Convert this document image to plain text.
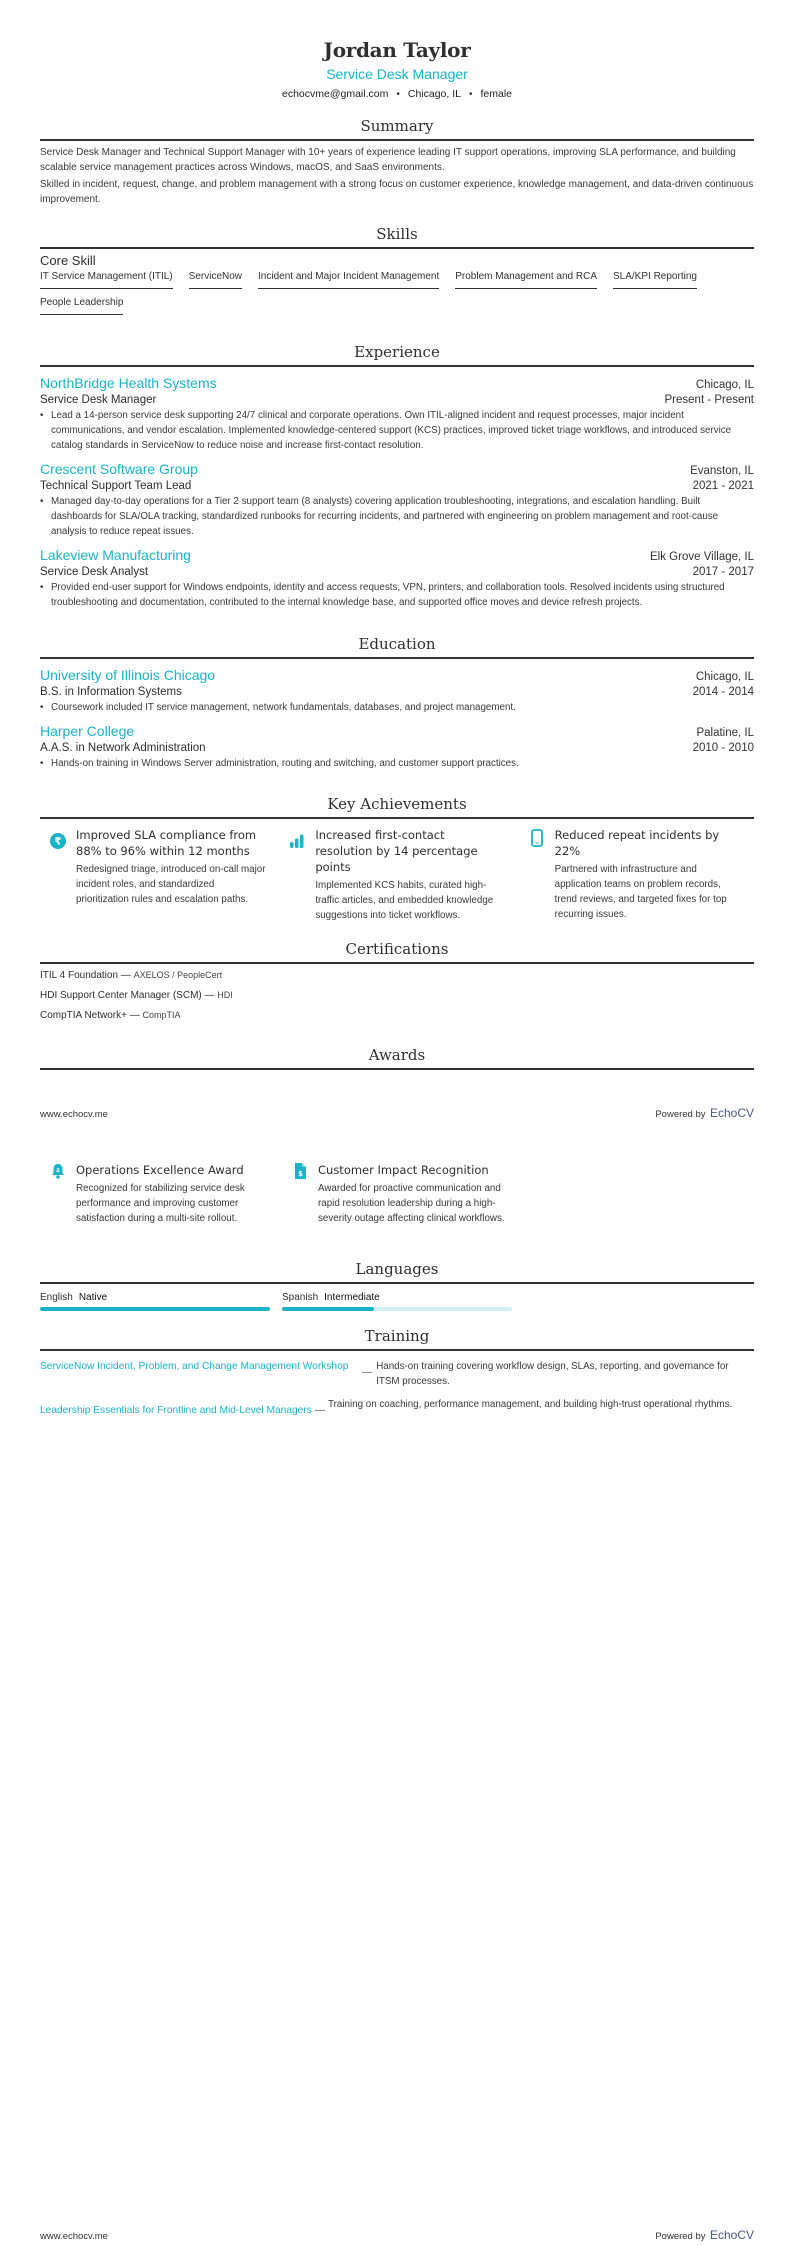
Jordan Taylor
Service Desk Manager
echocvme@gmail.com • Chicago, IL • female
Summary
Service Desk Manager and Technical Support Manager with 10+ years of experience leading IT support operations, improving SLA performance, and building scalable service management practices across Windows, macOS, and SaaS environments.
Skilled in incident, request, change, and problem management with a strong focus on customer experience, knowledge management, and data-driven continuous improvement.
Skills
Core Skill
IT Service Management (ITIL) ServiceNow Incident and Major Incident Management Problem Management and RCA SLA/KPI Reporting
People Leadership
Experience
NorthBridge Health Systems	Chicago, IL
Service Desk Manager	Present - Present
• Lead a 14-person service desk supporting 24/7 clinical and corporate operations. Own ITIL-aligned incident and request processes, major incident communications, and vendor escalation. Implemented knowledge-centered support (KCS) practices, improved ticket triage workflows, and introduced service catalog standards in ServiceNow to reduce noise and increase first-contact resolution.
Crescent Software Group	Evanston, IL
Technical Support Team Lead	2021 - 2021
• Managed day-to-day operations for a Tier 2 support team (8 analysts) covering application troubleshooting, integrations, and escalation handling. Built dashboards for SLA/OLA tracking, standardized runbooks for recurring incidents, and partnered with engineering on problem management and root-cause analysis to reduce repeat issues.
Lakeview Manufacturing	Elk Grove Village, IL
Service Desk Analyst	2017 - 2017
• Provided end-user support for Windows endpoints, identity and access requests, VPN, printers, and collaboration tools. Resolved incidents using structured troubleshooting and documentation, contributed to the internal knowledge base, and supported office moves and device refresh projects.
Education
University of Illinois Chicago	Chicago, IL
B.S. in Information Systems	2014 - 2014
• Coursework included IT service management, network fundamentals, databases, and project management.
Harper College	Palatine, IL
A.A.S. in Network Administration	2010 - 2010
• Hands-on training in Windows Server administration, routing and switching, and customer support practices.
Key Achievements
₹ Improved SLA compliance from 88% to 96% within 12 months
Redesigned triage, introduced on-call major incident roles, and standardized prioritization rules and escalation paths.
Increased first-contact resolution by 14 percentage points
Implemented KCS habits, curated high-traffic articles, and embedded knowledge suggestions into ticket workflows.
Reduced repeat incidents by 22%
Partnered with infrastructure and application teams on problem records, trend reviews, and targeted fixes for top recurring issues.
Certifications
ITIL 4 Foundation — AXELOS / PeopleCert
HDI Support Center Manager (SCM) — HDI
CompTIA Network+ — CompTIA
Awards
www.echocv.me	Powered by EchoCV
z Operations Excellence Award
Recognized for stabilizing service desk performance and improving customer satisfaction during a multi-site rollout.
$ Customer Impact Recognition
Awarded for proactive communication and rapid resolution leadership during a high-severity outage affecting clinical workflows.
Languages
English Native	Spanish Intermediate
Training
ServiceNow Incident, Problem, and Change Management Workshop
—
Hands-on training covering workflow design, SLAs, reporting, and governance for ITSM processes.
Leadership Essentials for Frontline and Mid-Level Managers —
Training on coaching, performance management, and building high-trust operational rhythms.
www.echocv.me	Powered by EchoCV
